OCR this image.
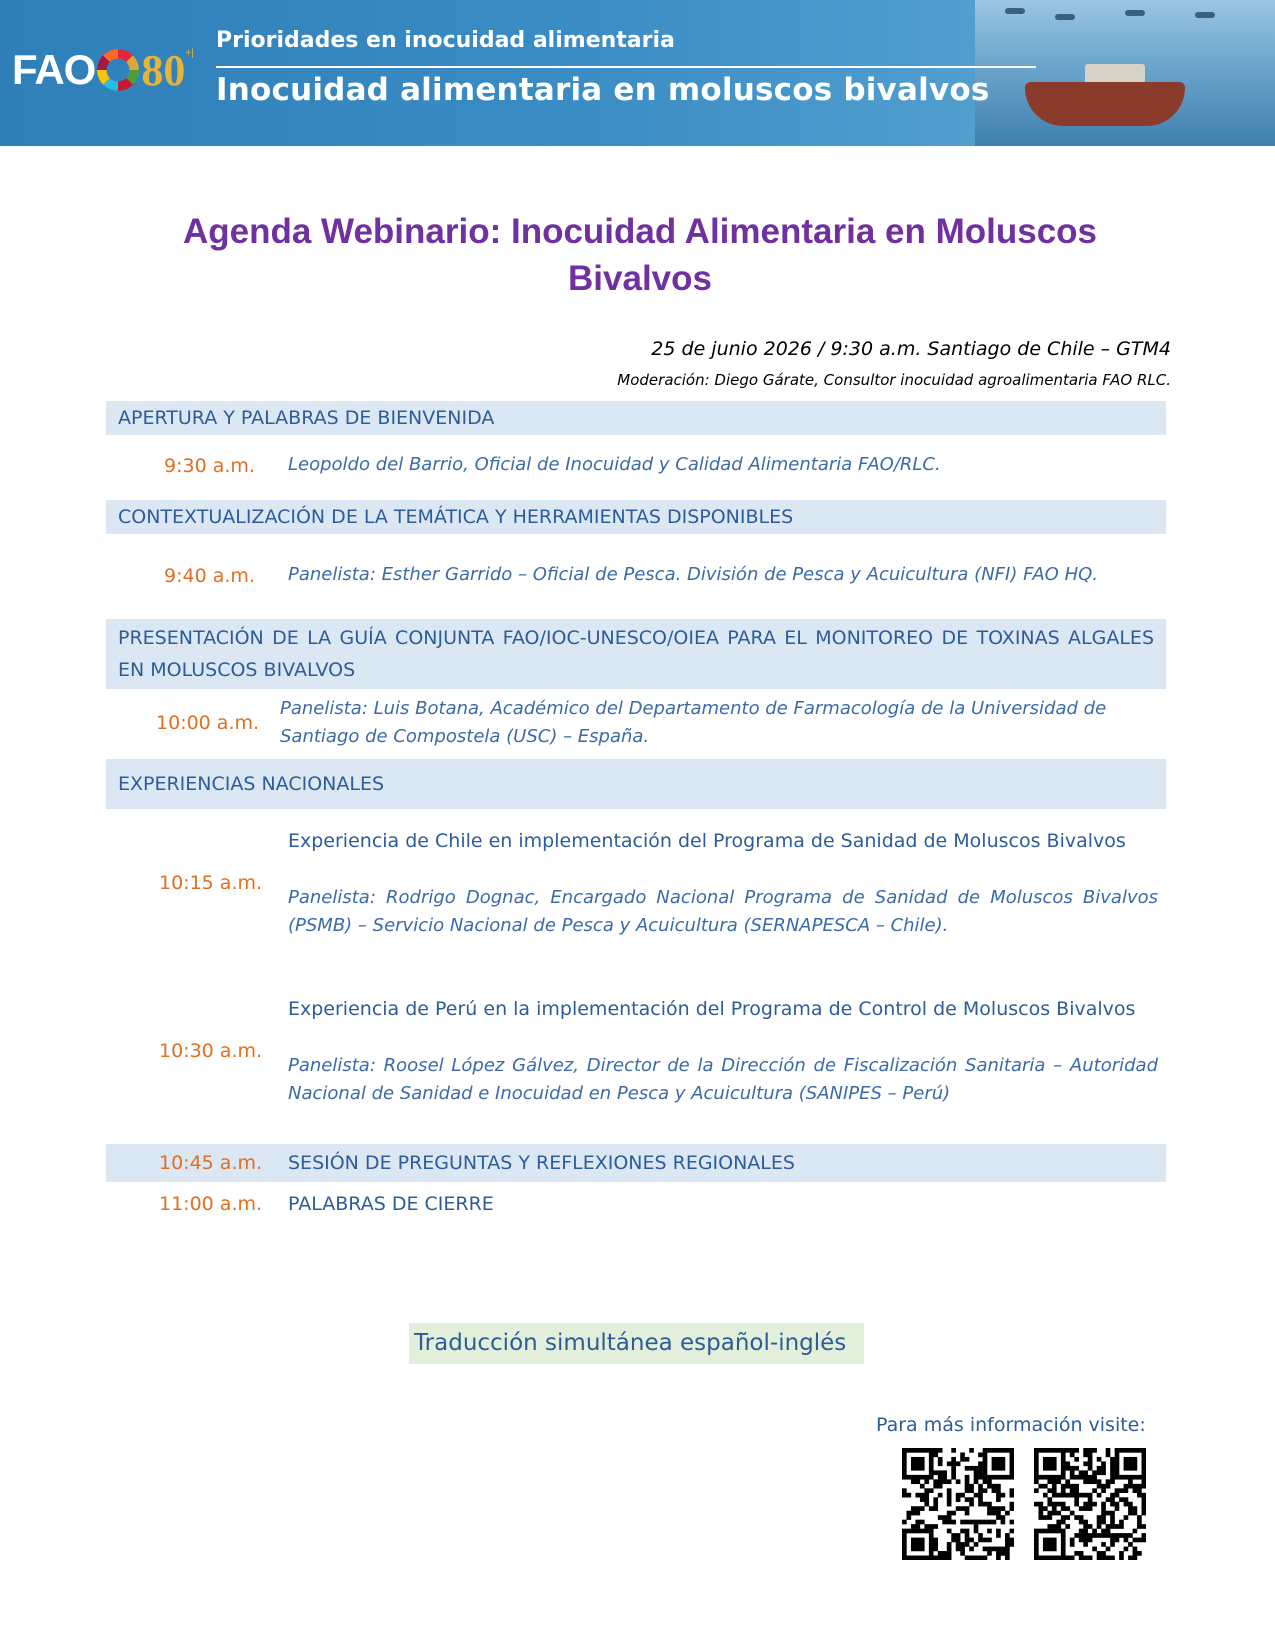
FAO 80 +|
Prioridades en inocuidad alimentaria
Inocuidad alimentaria en moluscos bivalvos
Agenda Webinario: Inocuidad Alimentaria en Moluscos Bivalvos
25 de junio 2026 / 9:30 a.m. Santiago de Chile – GTM4
Moderación: Diego Gárate, Consultor inocuidad agroalimentaria FAO RLC.
APERTURA Y PALABRAS DE BIENVENIDA
9:30 a.m. Leopoldo del Barrio, Oficial de Inocuidad y Calidad Alimentaria FAO/RLC.
CONTEXTUALIZACIÓN DE LA TEMÁTICA Y HERRAMIENTAS DISPONIBLES
9:40 a.m. Panelista: Esther Garrido – Oficial de Pesca. División de Pesca y Acuicultura (NFI) FAO HQ.
PRESENTACIÓN DE LA GUÍA CONJUNTA FAO/IOC-UNESCO/OIEA PARA EL MONITOREO DE TOXINAS ALGALES EN MOLUSCOS BIVALVOS
10:00 a.m.
Panelista: Luis Botana, Académico del Departamento de Farmacología de la Universidad de Santiago de Compostela (USC) – España.
EXPERIENCIAS NACIONALES
10:15 a.m.
Experiencia de Chile en implementación del Programa de Sanidad de Moluscos Bivalvos
Panelista: Rodrigo Dognac, Encargado Nacional Programa de Sanidad de Moluscos Bivalvos (PSMB) – Servicio Nacional de Pesca y Acuicultura (SERNAPESCA – Chile).
10:30 a.m.
Experiencia de Perú en la implementación del Programa de Control de Moluscos Bivalvos
Panelista: Roosel López Gálvez, Director de la Dirección de Fiscalización Sanitaria – Autoridad Nacional de Sanidad e Inocuidad en Pesca y Acuicultura (SANIPES – Perú)
10:45 a.m. SESIÓN DE PREGUNTAS Y REFLEXIONES REGIONALES
11:00 a.m. PALABRAS DE CIERRE
Traducción simultánea español-inglés
Para más información visite:
